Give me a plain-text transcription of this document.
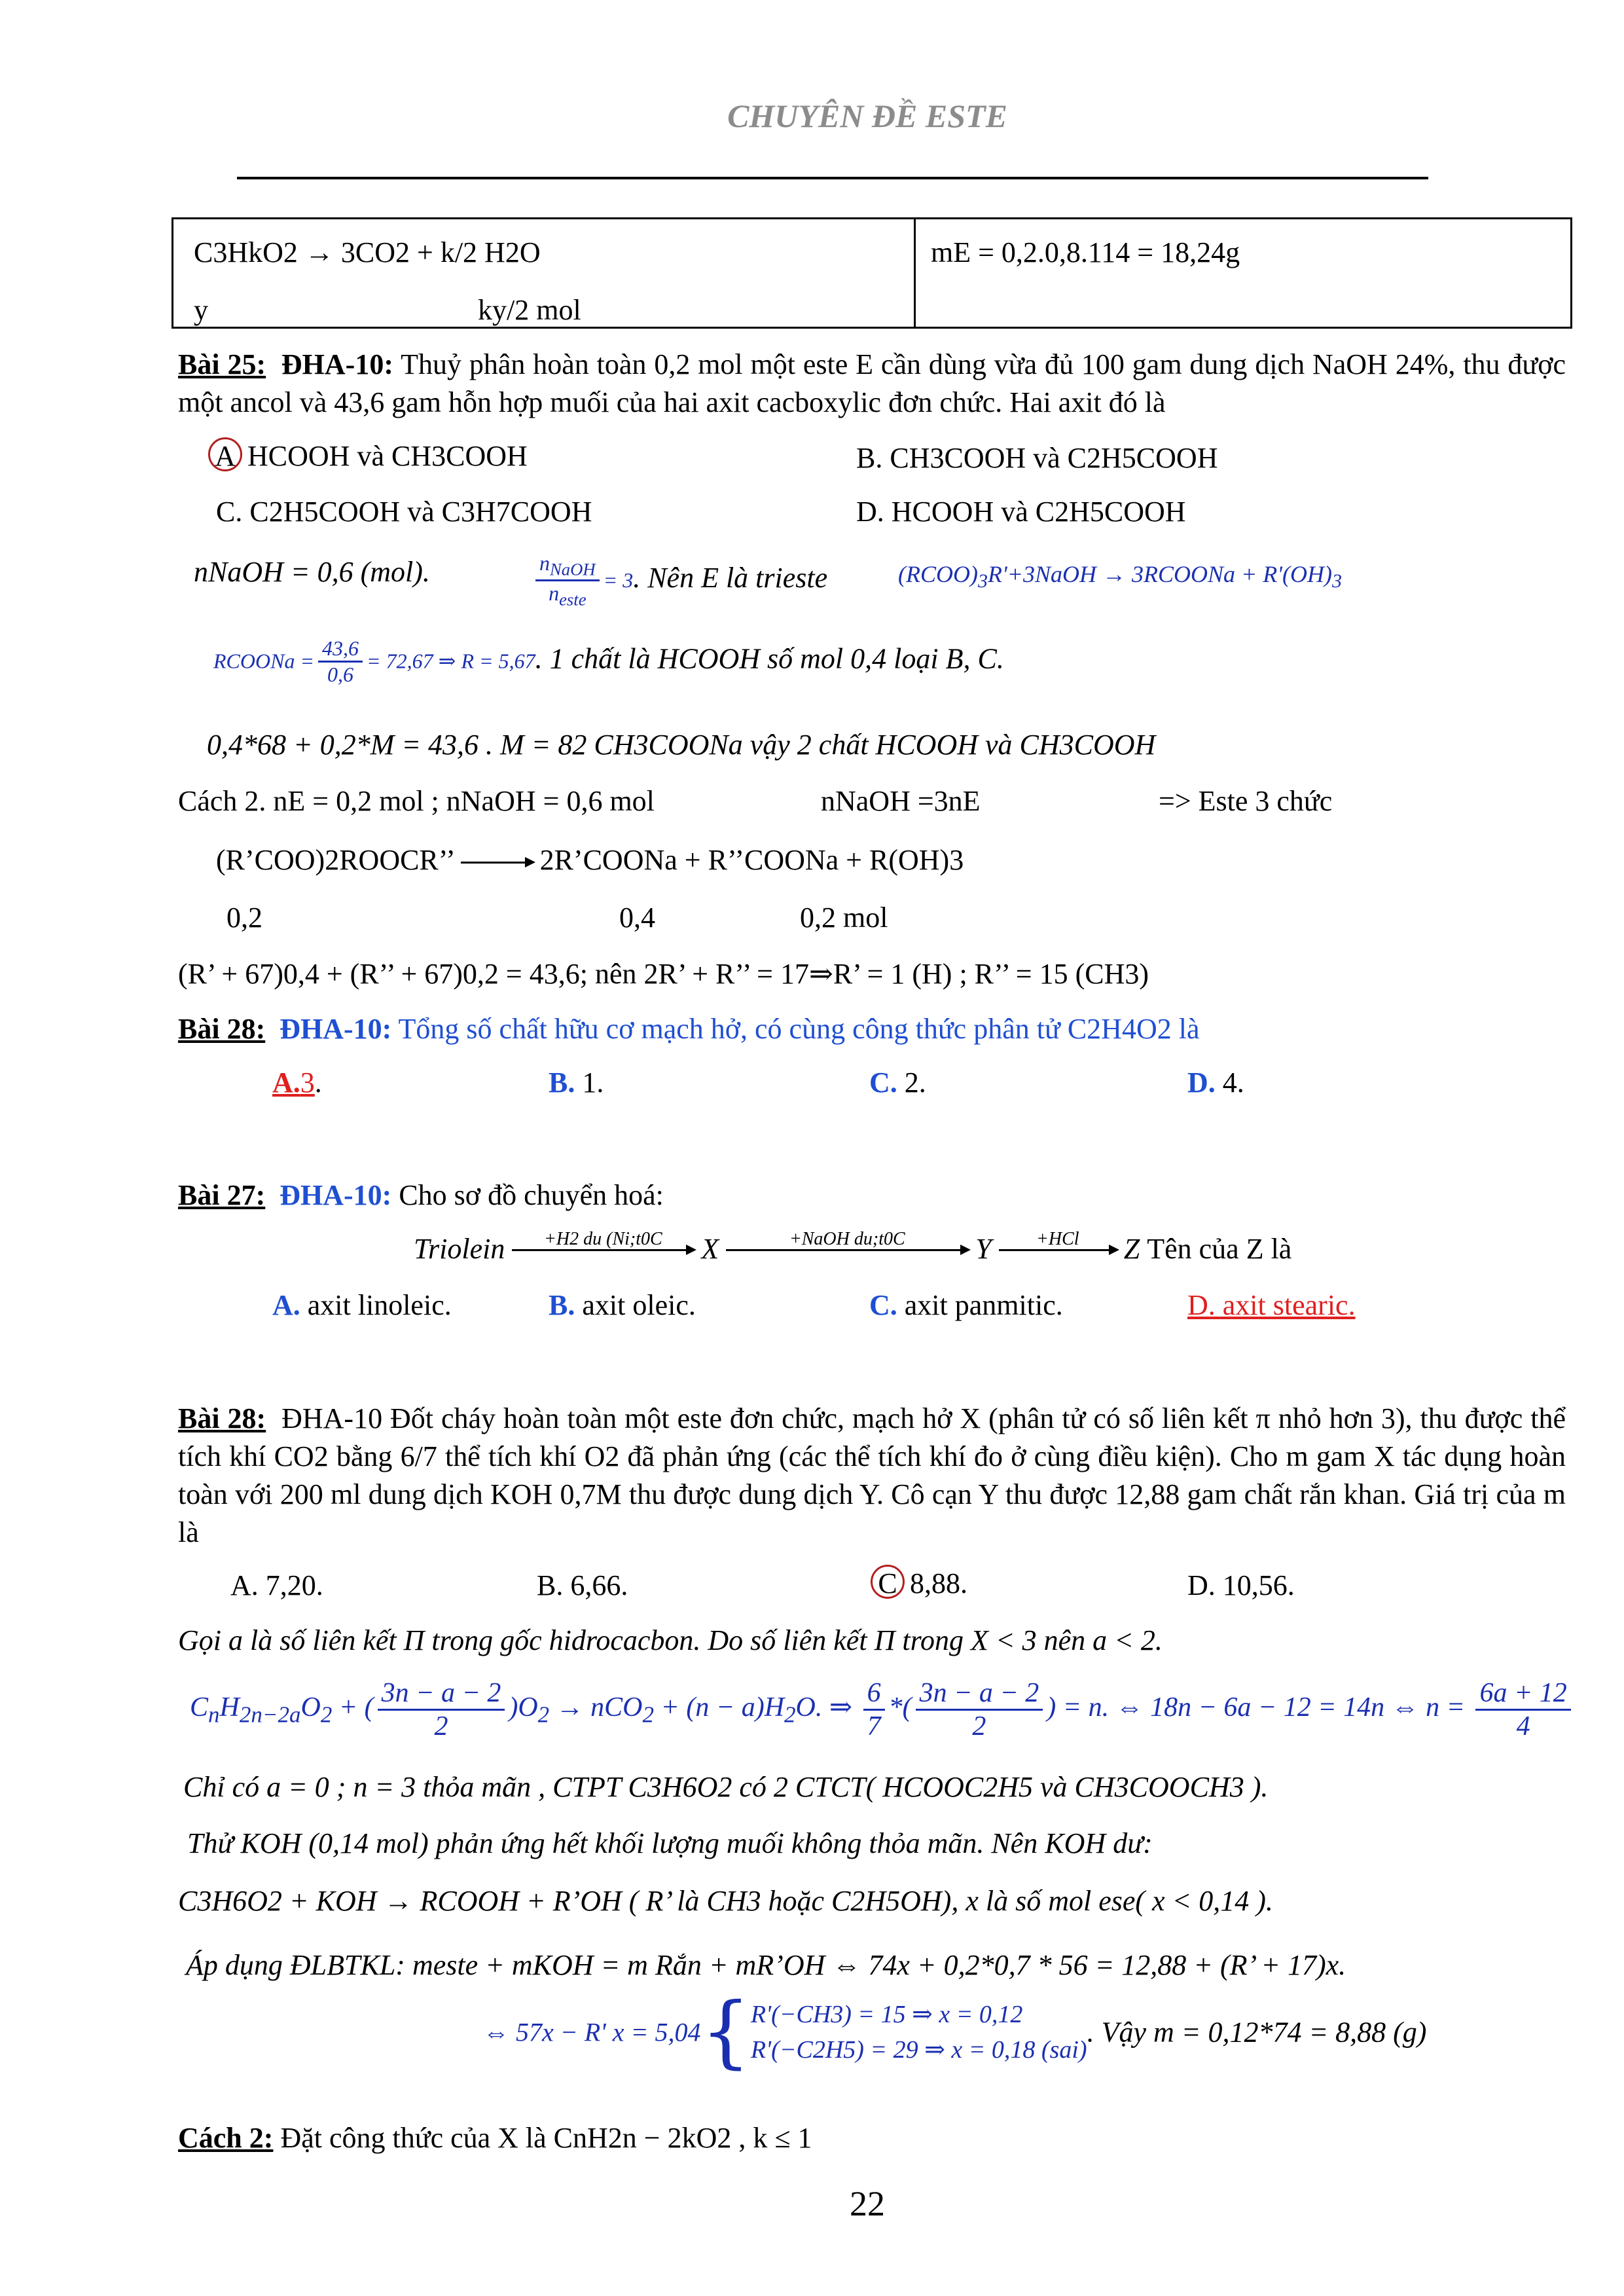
CHUYÊN ĐỀ ESTE
C3HkO2 → 3CO2 + k/2 H2O
y	ky/2 mol
mE = 0,2.0,8.114 = 18,24g
Bài 25: ĐHA-10: Thuỷ phân hoàn toàn 0,2 mol một este E cần dùng vừa đủ 100 gam dung dịch NaOH 24%, thu được một ancol và 43,6 gam hỗn hợp muối của hai axit cacboxylic đơn chức. Hai axit đó là
A HCOOH và CH3COOH	B. CH3COOH và C2H5COOH
C. C2H5COOH và C3H7COOH	D. HCOOH và C2H5COOH
nNaOH = 0,6 (mol).	$\frac{n_{NaOH}}{n_{este}} = 3$. Nên E là trieste	$(RCOO)_3R'+3NaOH$ → 3RCOONa + $R'(OH)_3$
RCOONa = $\frac{43,6}{0,6} = 72,67$ ⇒ R = 5,67. 1 chất là HCOOH số mol 0,4 loại B, C.
0,4*68 + 0,2*M = 43,6 . M = 82 CH3COONa vậy 2 chất HCOOH và CH3COOH
Cách 2. nE = 0,2 mol ; nNaOH = 0,6 mol	nNaOH =3nE	=> Este 3 chức
(R’COO)2ROOCR’’	2R’COONa + R’’COONa + R(OH)3
0,2	0,4	0,2 mol
(R’ + 67)0,4 + (R’’ + 67)0,2 = 43,6; nên 2R’ + R’’ = 17⇒R’ = 1 (H) ; R’’ = 15 (CH3)
Bài 28: ĐHA-10: Tổng số chất hữu cơ mạch hở, có cùng công thức phân tử C2H4O2 là
A.3.	B. 1.	C. 2.	D. 4.
Bài 27: ĐHA-10: Cho sơ đồ chuyển hoá:
Triolein	+H2 du (Ni;t0C	X	+NaOH du;t0C	Y	+HCl	Z Tên của Z là
A. axit linoleic.	B. axit oleic.	C. axit panmitic.	D. axit stearic.
Bài 28: ĐHA-10 Đốt cháy hoàn toàn một este đơn chức, mạch hở X (phân tử có số liên kết π nhỏ hơn 3), thu được thể tích khí CO2 bằng 6/7 thể tích khí O2 đã phản ứng (các thể tích khí đo ở cùng điều kiện). Cho m gam X tác dụng hoàn toàn với 200 ml dung dịch KOH 0,7M thu được dung dịch Y. Cô cạn Y thu được 12,88 gam chất rắn khan. Giá trị của m là
A. 7,20.	B. 6,66.	C 8,88.	D. 10,56.
Gọi a là số liên kết Π trong gốc hidrocacbon. Do số liên kết Π trong X < 3 nên a < 2.
$C_nH_{2n-2a}O_2$ + ( $\frac{3n - a - 2}{2} )O_2 \to nCO_2 + (n - a)H_2O$. ⇒ $\frac{6}{7}$ *( $\frac{3n - a - 2}{2}$ ) = n. ⇔ 18n − 6a − 12 = 14n ⇔ $n = \frac{6a + 12}{4}$
Chỉ có a = 0 ; n = 3 thỏa mãn , CTPT C3H6O2 có 2 CTCT( HCOOC2H5 và CH3COOCH3 ).
Thử KOH (0,14 mol) phản ứng hết khối lượng muối không thỏa mãn. Nên KOH dư:
C3H6O2 + KOH → RCOOH + R’OH ( R’ là CH3 hoặc C2H5OH), x là số mol ese( x < 0,14 ).
Áp dụng ĐLBTKL: meste + mKOH = m Rắn + mR’OH ⇔ 74x + 0,2*0,7 * 56 = 12,88 + (R’ + 17)x.
⇔ 57x − R' x = 5,04{ R'(−CH3) = 15 ⇒ x = 0,12
R'(−C2H5) = 29 ⇒ x = 0,18 (sai)
. Vậy m = 0,12*74 = 8,88 (g)
Cách 2: Đặt công thức của X là CnH2n − 2kO2 , k ≤ 1
22
